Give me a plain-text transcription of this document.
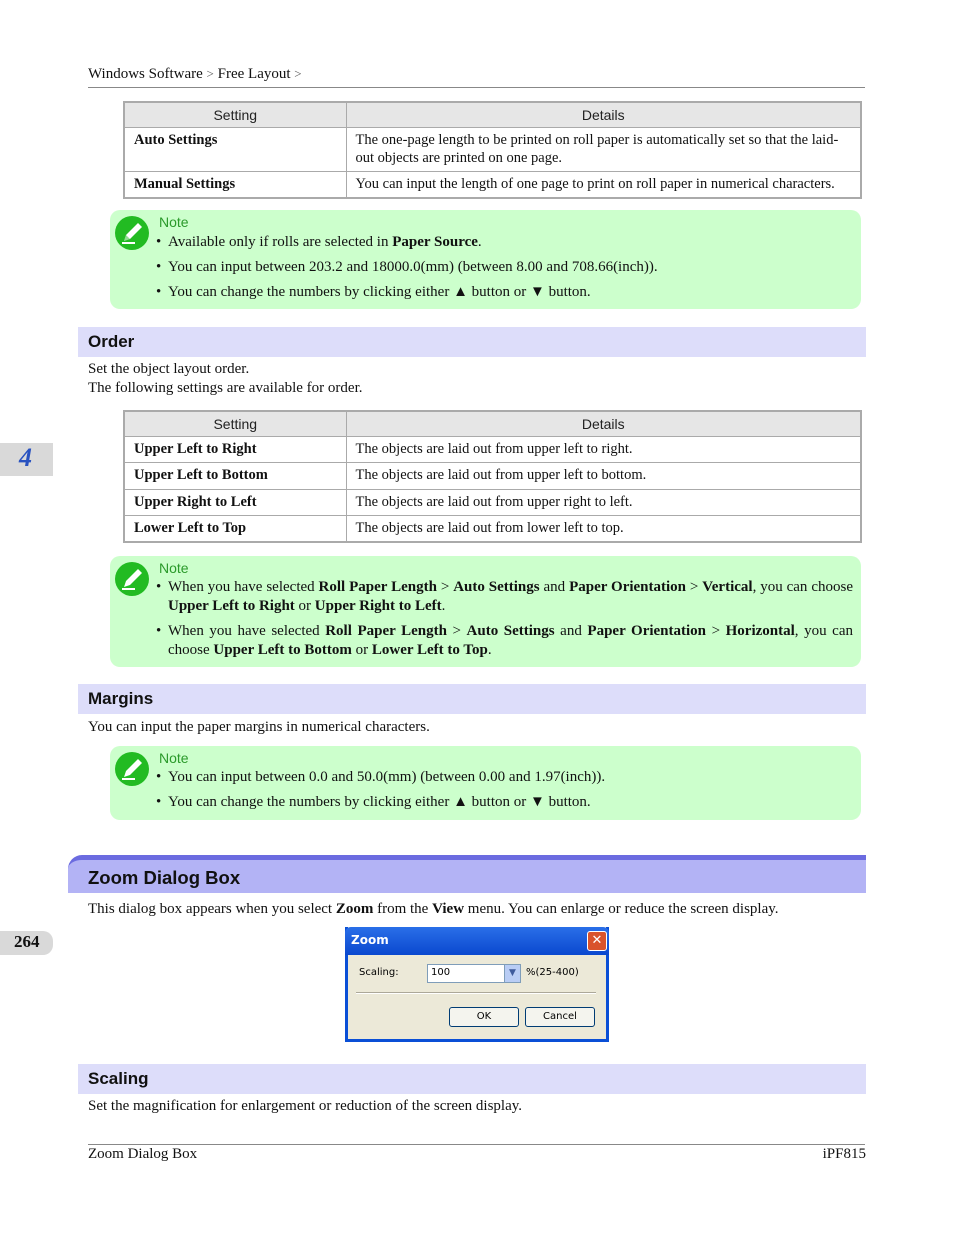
Windows Software > Free Layout >
Setting	Details
Auto Settings	The one-page length to be printed on roll paper is automatically set so that the laid-out objects are printed on one page.
Manual Settings	You can input the length of one page to print on roll paper in numerical characters.
Note
• Available only if rolls are selected in Paper Source.
• You can input between 203.2 and 18000.0(mm) (between 8.00 and 708.66(inch)).
• You can change the numbers by clicking either ▲ button or ▼ button.
Order
Set the object layout order.
The following settings are available for order.
Setting	Details
Upper Left to Right	The objects are laid out from upper left to right.
Upper Left to Bottom	The objects are laid out from upper left to bottom.
Upper Right to Left	The objects are laid out from upper right to left.
Lower Left to Top	The objects are laid out from lower left to top.
Note
• When you have selected Roll Paper Length > Auto Settings and Paper Orientation > Vertical, you can choose Upper Left to Right or Upper Right to Left.
• When you have selected Roll Paper Length > Auto Settings and Paper Orientation > Horizontal, you can choose Upper Left to Bottom or Lower Left to Top.
Margins
You can input the paper margins in numerical characters.
Note
• You can input between 0.0 and 50.0(mm) (between 0.00 and 1.97(inch)).
• You can change the numbers by clicking either ▲ button or ▼ button.
Zoom Dialog Box
This dialog box appears when you select Zoom from the View menu. You can enlarge or reduce the screen display.
Zoom	✕
Scaling:	100	▼	%(25-400)
OK	Cancel
Scaling
Set the magnification for enlargement or reduction of the screen display.
4
264
Zoom Dialog Box	iPF815
